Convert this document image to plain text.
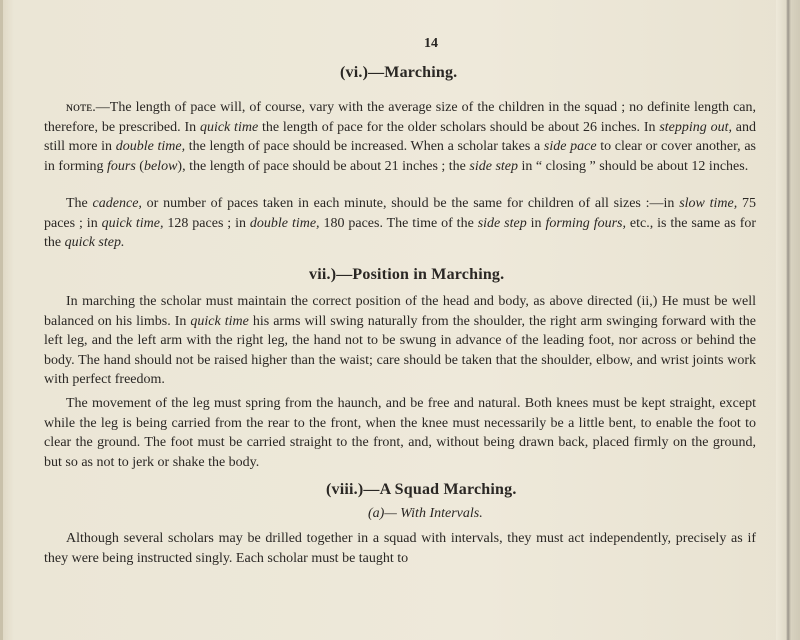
14
(vi.)—Marching.
ɴᴏᴛᴇ.—The length of pace will, of course, vary with the average size of the children in the squad ; no definite length can, therefore, be prescribed. In quick time the length of pace for the older scholars should be about 26 inches. In stepping out, and still more in double time, the length of pace should be increased. When a scholar takes a side pace to clear or cover another, as in forming fours (below), the length of pace should be about 21 inches ; the side step in “ closing ” should be about 12 inches.
The cadence, or number of paces taken in each minute, should be the same for children of all sizes :—in slow time, 75 paces ; in quick time, 128 paces ; in double time, 180 paces. The time of the side step in forming fours, etc., is the same as for the quick step.
vii.)—Position in Marching.
In marching the scholar must maintain the correct position of the head and body, as above directed (ii,) He must be well balanced on his limbs. In quick time his arms will swing naturally from the shoulder, the right arm swinging forward with the left leg, and the left arm with the right leg, the hand not to be swung in advance of the leading foot, nor across or behind the body. The hand should not be raised higher than the waist; care should be taken that the shoulder, elbow, and wrist joints work with perfect freedom.
The movement of the leg must spring from the haunch, and be free and natural. Both knees must be kept straight, except while the leg is being carried from the rear to the front, when the knee must necessarily be a little bent, to enable the foot to clear the ground. The foot must be carried straight to the front, and, without being drawn back, placed firmly on the ground, but so as not to jerk or shake the body.
(viii.)—A Squad Marching.
(a)— With Intervals.
Although several scholars may be drilled together in a squad with intervals, they must act independently, precisely as if they were being instructed singly. Each scholar must be taught to
